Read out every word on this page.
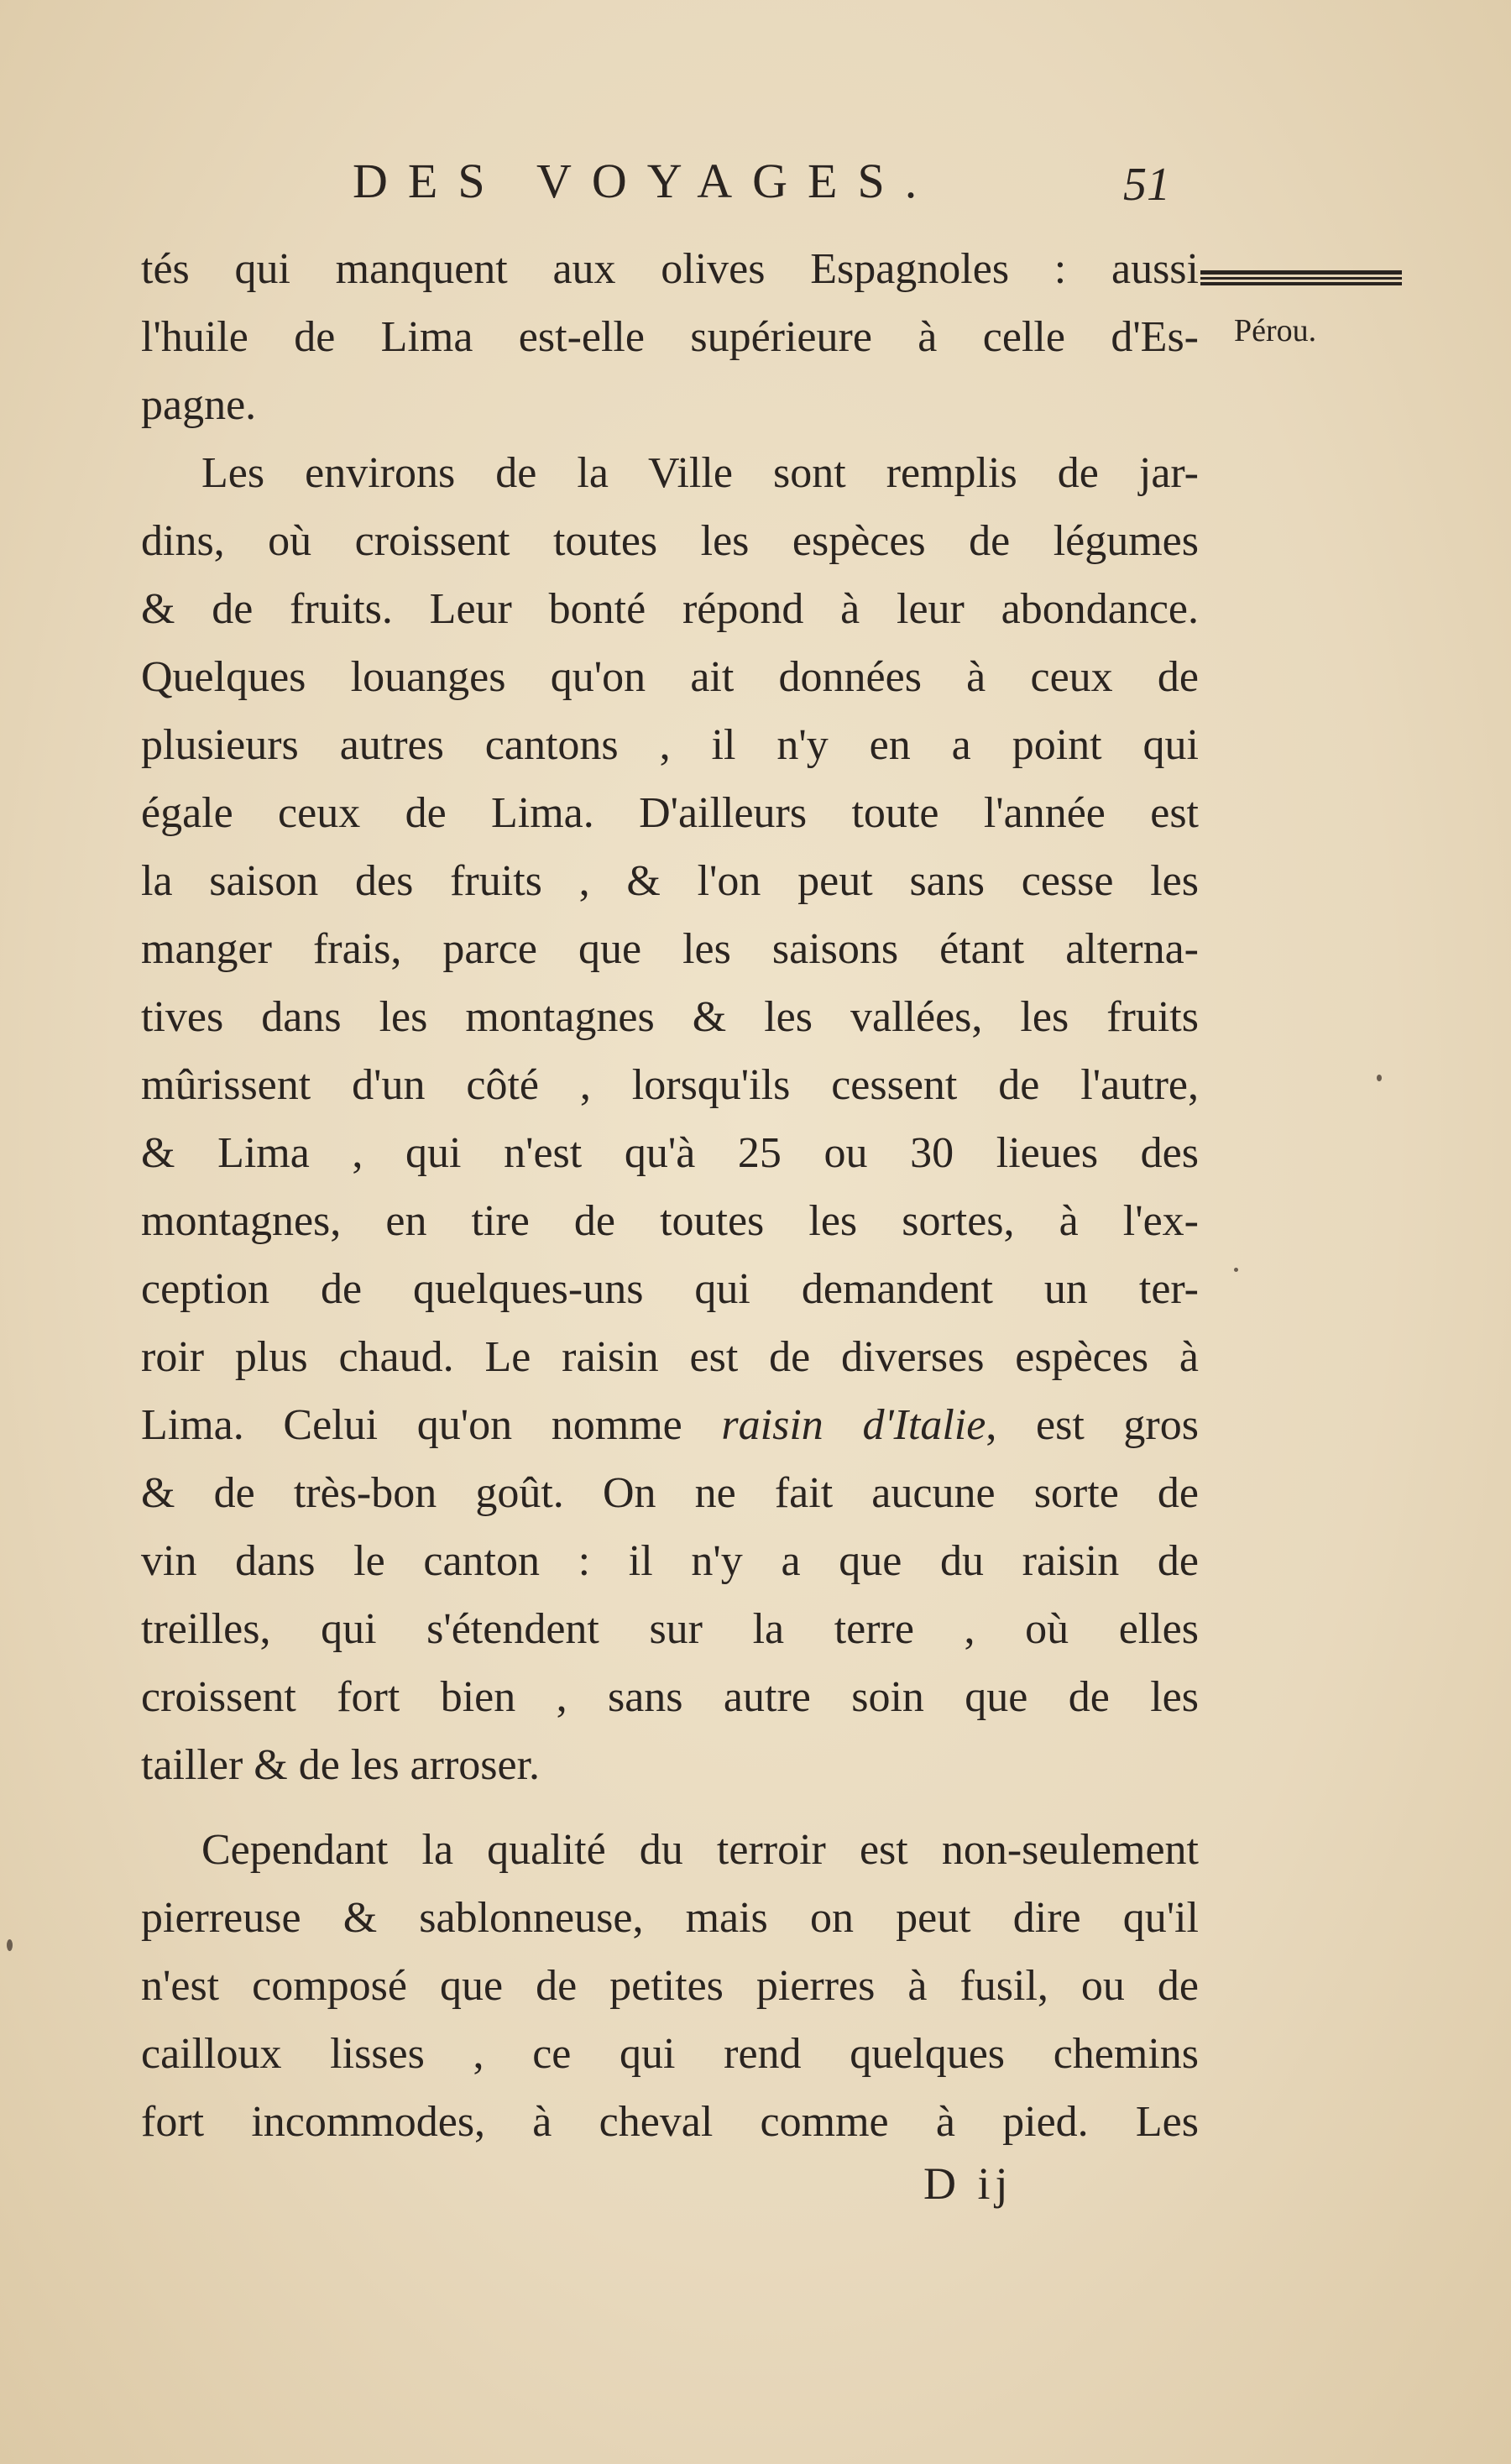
DES VOYAGES.	51
Pérou.
tés qui manquent aux olives Espagnoles : aussi
l'huile de Lima est-elle supérieure à celle d'Es-
pagne.
Les environs de la Ville sont remplis de jar-
dins, où croissent toutes les espèces de légumes
& de fruits. Leur bonté répond à leur abondance.
Quelques louanges qu'on ait données à ceux de
plusieurs autres cantons , il n'y en a point qui
égale ceux de Lima. D'ailleurs toute l'année est
la saison des fruits , & l'on peut sans cesse les
manger frais, parce que les saisons étant alterna-
tives dans les montagnes & les vallées, les fruits
mûrissent d'un côté , lorsqu'ils cessent de l'autre,
& Lima , qui n'est qu'à 25 ou 30 lieues des
montagnes, en tire de toutes les sortes, à l'ex-
ception de quelques-uns qui demandent un ter-
roir plus chaud. Le raisin est de diverses espèces à
Lima. Celui qu'on nomme raisin d'Italie, est gros
& de très-bon goût. On ne fait aucune sorte de
vin dans le canton : il n'y a que du raisin de
treilles, qui s'étendent sur la terre , où elles
croissent fort bien , sans autre soin que de les
tailler & de les arroser.
Cependant la qualité du terroir est non-seulement
pierreuse & sablonneuse, mais on peut dire qu'il
n'est composé que de petites pierres à fusil, ou de
cailloux lisses , ce qui rend quelques chemins
fort incommodes, à cheval comme à pied. Les
D ij
